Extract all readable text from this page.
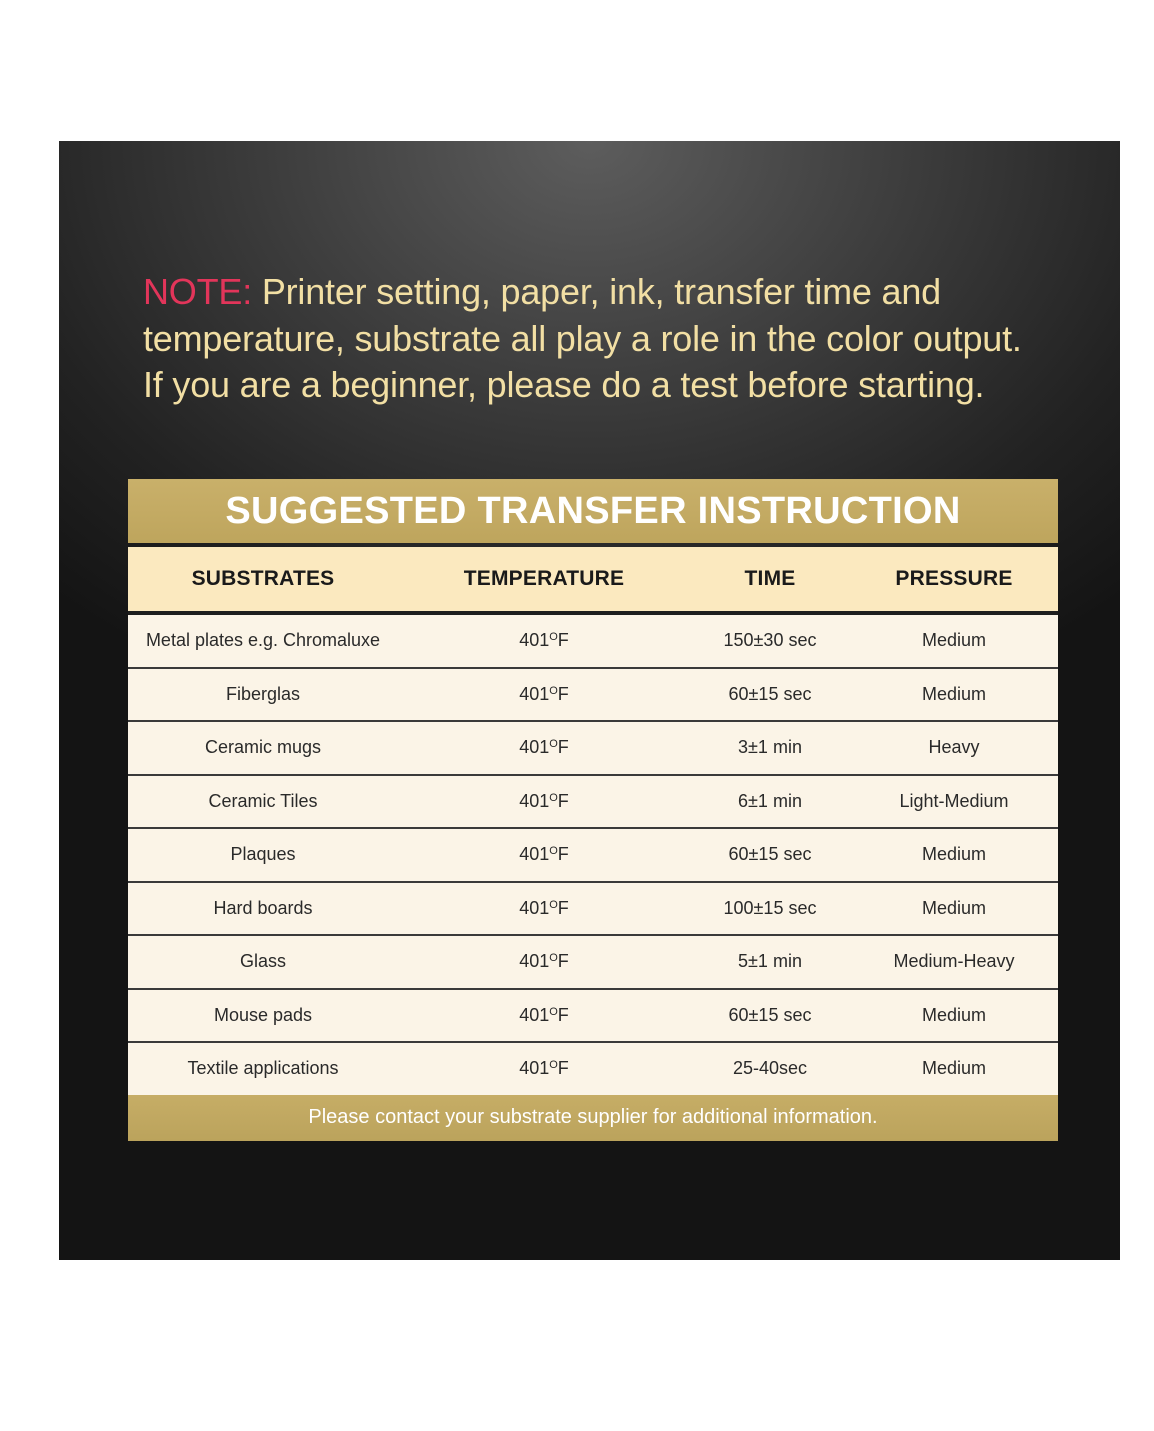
NOTE: Printer setting, paper, ink, transfer time and
temperature, substrate all play a role in the color output.
If you are a beginner, please do a test before starting.
SUGGESTED TRANSFER INSTRUCTION
SUBSTRATES	TEMPERATURE	TIME	PRESSURE
Metal plates e.g. Chromaluxe	$401^OF$	150±30 sec	Medium
Fiberglas	$401^OF$	60±15 sec	Medium
Ceramic mugs	$401^OF$	3±1 min	Heavy
Ceramic Tiles	$401^OF$	6±1 min	Light-Medium
Plaques	$401^OF$	60±15 sec	Medium
Hard boards	$401^OF$	100±15 sec	Medium
Glass	$401^OF$	5±1 min	Medium-Heavy
Mouse pads	$401^OF$	60±15 sec	Medium
Textile applications	$401^OF$	25-40sec	Medium
Please contact your substrate supplier for additional information.
